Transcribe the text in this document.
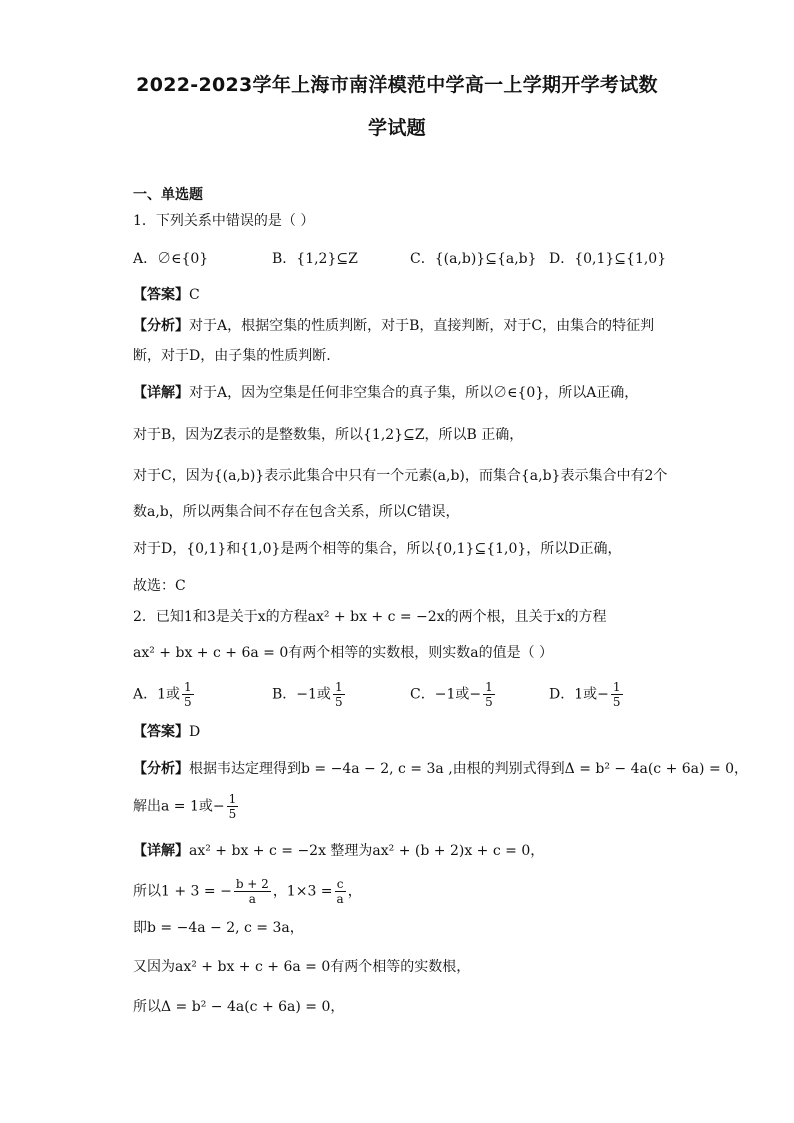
2022-2023学年上海市南洋模范中学高一上学期开学考试数
学试题
一、单选题
1．下列关系中错误的是（ ）
A．∅∈{0}	B．{1,2}⊆Z	C．{(a,b)}⊆{a,b} D．{0,1}⊆{1,0}
【答案】C
【分析】对于A，根据空集的性质判断，对于B，直接判断，对于C，由集合的特征判
断，对于D，由子集的性质判断.
【详解】对于A，因为空集是任何非空集合的真子集，所以∅∈{0}，所以A正确，
对于B，因为Z表示的是整数集，所以{1,2}⊆Z，所以B 正确，
对于C，因为{(a,b)}表示此集合中只有一个元素(a,b)，而集合{a,b}表示集合中有2个
数a,b，所以两集合间不存在包含关系，所以C错误，
对于D，{0,1}和{1,0}是两个相等的集合，所以{0,1}⊆{1,0}，所以D正确，
故选：C
2．已知1和3是关于x的方程ax² + bx + c = −2x的两个根，且关于x的方程
ax² + bx + c + 6a = 0有两个相等的实数根，则实数a的值是（ ）
A．1或 $\frac{1}{5}$	B．−1或 $\frac{1}{5}$	C．−1或− $\frac{1}{5}$	D．1或− $\frac{1}{5}$
【答案】D
【分析】根据韦达定理得到b = −4a − 2, c = 3a ,由根的判别式得到Δ = b² − 4a(c + 6a) = 0，
解出a = 1或− $\frac{1}{5}$
【详解】ax² + bx + c = −2x 整理为ax² + (b + 2)x + c = 0，
所以1 + 3 = − $\frac{b + 2}{a}$ ，$1\times 3 = \frac{c}{a}$ ，
即b = −4a − 2, c = 3a，
又因为ax² + bx + c + 6a = 0有两个相等的实数根，
所以Δ = b² − 4a(c + 6a) = 0，
